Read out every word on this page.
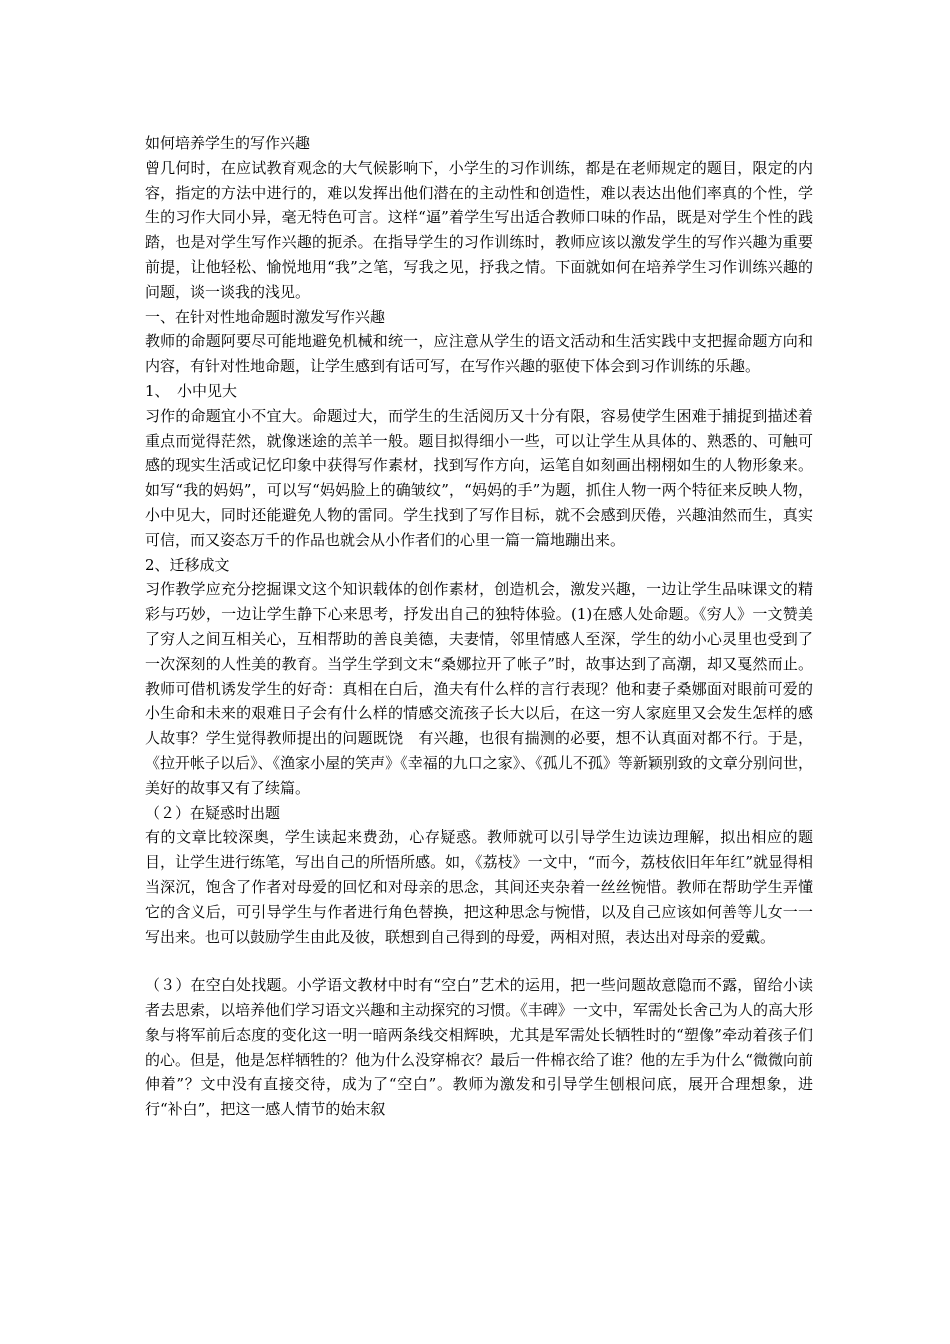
如何培养学生的写作兴趣

曾几何时，在应试教育观念的大气候影响下，小学生的习作训练，都是在老师规定的题目，限定的内容，指定的方法中进行的，难以发挥出他们潜在的主动性和创造性，难以表达出他们率真的个性，学生的习作大同小异，毫无特色可言。这样“逼”着学生写出适合教师口味的作品，既是对学生个性的践踏，也是对学生写作兴趣的扼杀。在指导学生的习作训练时，教师应该以激发学生的写作兴趣为重要前提，让他轻松、愉悦地用“我”之笔，写我之见，抒我之情。下面就如何在培养学生习作训练兴趣的问题，谈一谈我的浅见。

一、在针对性地命题时激发写作兴趣

教师的命题阿要尽可能地避免机械和统一，应注意从学生的语文活动和生活实践中支把握命题方向和内容，有针对性地命题，让学生感到有话可写，在写作兴趣的驱使下体会到习作训练的乐趣。

1、　小中见大

习作的命题宜小不宜大。命题过大，而学生的生活阅历又十分有限，容易使学生困难于捕捉到描述着重点而觉得茫然，就像迷途的羔羊一般。题目拟得细小一些，可以让学生从具体的、熟悉的、可触可感的现实生活或记忆印象中获得写作素材，找到写作方向，运笔自如刻画出栩栩如生的人物形象来。如写“我的妈妈”，可以写“妈妈脸上的确皱纹”，“妈妈的手”为题，抓住人物一两个特征来反映人物，小中见大，同时还能避免人物的雷同。学生找到了写作目标，就不会感到厌倦，兴趣油然而生，真实可信，而又姿态万千的作品也就会从小作者们的心里一篇一篇地蹦出来。

2、迁移成文

习作教学应充分挖掘课文这个知识载体的创作素材，创造机会，激发兴趣，一边让学生品味课文的精彩与巧妙，一边让学生静下心来思考，抒发出自己的独特体验。(1)在感人处命题。《穷人》一文赞美了穷人之间互相关心，互相帮助的善良美德，夫妻情，邻里情感人至深，学生的幼小心灵里也受到了一次深刻的人性美的教育。当学生学到文末“桑娜拉开了帐子”时，故事达到了高潮，却又戛然而止。教师可借机诱发学生的好奇：真相在白后，渔夫有什么样的言行表现？他和妻子桑娜面对眼前可爱的小生命和未来的艰难日子会有什么样的情感交流孩子长大以后，在这一穷人家庭里又会发生怎样的感人故事？学生觉得教师提出的问题既饶　有兴趣，也很有揣测的必要，想不认真面对都不行。于是，《拉开帐子以后》、《渔家小屋的笑声》《幸福的九口之家》、《孤儿不孤》等新颖别致的文章分别问世，美好的故事又有了续篇。

（２）在疑惑时出题

有的文章比较深奥，学生读起来费劲，心存疑惑。教师就可以引导学生边读边理解，拟出相应的题目，让学生进行练笔，写出自己的所悟所感。如，《荔枝》一文中，“而今，荔枝依旧年年红”就显得相当深沉，饱含了作者对母爱的回忆和对母亲的思念，其间还夹杂着一丝丝惋惜。教师在帮助学生弄懂它的含义后，可引导学生与作者进行角色替换，把这种思念与惋惜，以及自己应该如何善等儿女一一写出来。也可以鼓励学生由此及彼，联想到自己得到的母爱，两相对照，表达出对母亲的爱戴。

（３）在空白处找题。小学语文教材中时有“空白”艺术的运用，把一些问题故意隐而不露，留给小读者去思索，以培养他们学习语文兴趣和主动探究的习惯。《丰碑》一文中，军需处长舍己为人的高大形象与将军前后态度的变化这一明一暗两条线交相辉映，尤其是军需处长牺牲时的“塑像”牵动着孩子们的心。但是，他是怎样牺牲的？他为什么没穿棉衣？最后一件棉衣给了谁？他的左手为什么“微微向前伸着”？文中没有直接交待，成为了“空白”。教师为激发和引导学生刨根问底，展开合理想象，进行“补白”，把这一感人情节的始末叙
